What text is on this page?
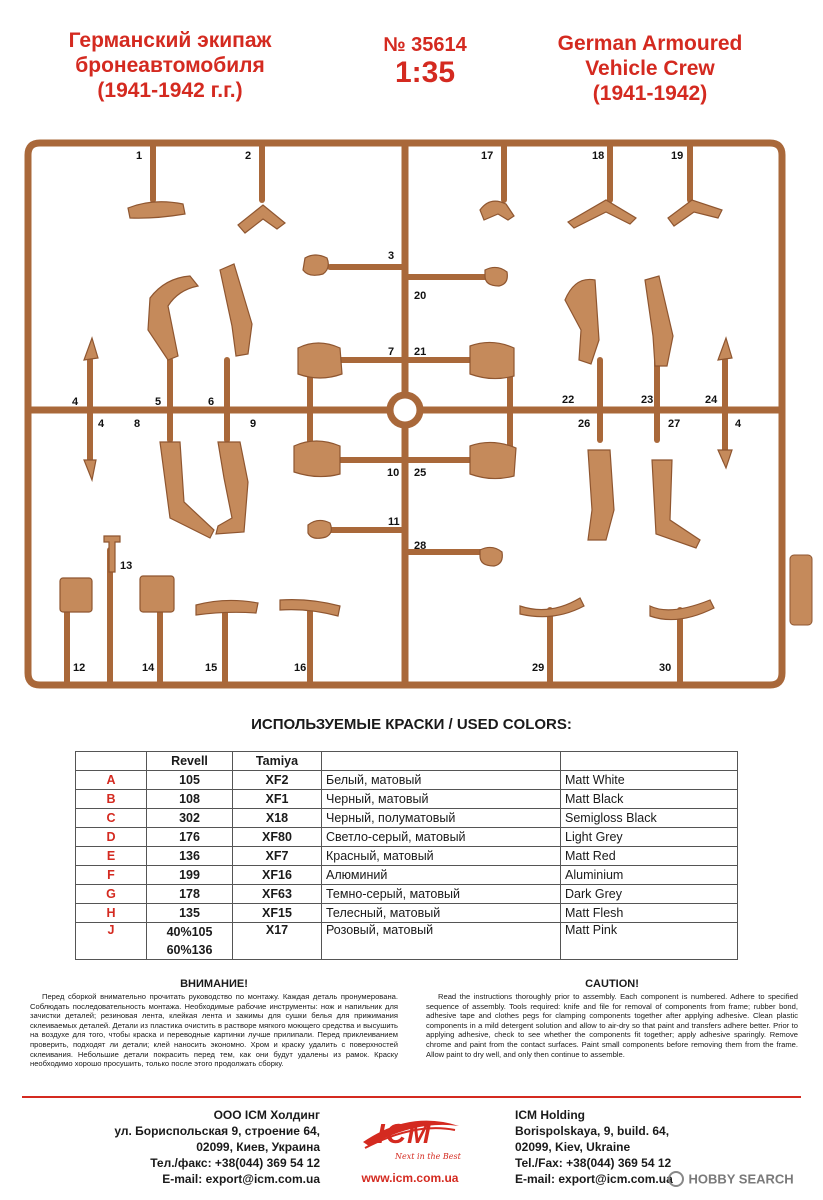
Германский экипаж
бронеавтомобиля
(1941-1942 г.г.)
№ 35614
1:35
German Armoured
Vehicle Crew
(1941-1942)
1	2
3
4
4
5	6
7
8	9
10
11
12
13
14	15	16
17	18	19
20
21
22	23	24
4
25
26	27
28
29	30
ИСПОЛЬЗУЕМЫЕ КРАСКИ / USED COLORS:
	Revell	Tamiya		
A	105	XF2	Белый, матовый	Matt White
B	108	XF1	Черный, матовый	Matt Black
C	302	X18	Черный, полуматовый	Semigloss Black
D	176	XF80	Светло-серый, матовый	Light Grey
E	136	XF7	Красный, матовый	Matt Red
F	199	XF16	Алюминий	Aluminium
G	178	XF63	Темно-серый, матовый	Dark Grey
H	135	XF15	Телесный, матовый	Matt Flesh
J	40%105
60%136	X17	Розовый, матовый	Matt Pink
ВНИМАНИЕ!
Перед сборкой внимательно прочитать руководство по монтажу. Каждая деталь пронумерована. Соблюдать последовательность монтажа. Необходимые рабочие инструменты: нож и напильник для зачистки деталей; резиновая лента, клейкая лента и зажимы для сушки белья для прижимания склеиваемых деталей. Детали из пластика очистить в растворе мягкого моющего средства и высушить на воздухе для того, чтобы краска и переводные картинки лучше прилипали. Перед приклеиванием проверить, подходят ли детали; клей наносить экономно. Хром и краску удалить с поверхностей склеивания. Небольшие детали покрасить перед тем, как они будут удалены из рамок. Краску необходимо хорошо просушить, только после этого продолжать сборку.
CAUTION!
Read the instructions thoroughly prior to assembly. Each component is numbered. Adhere to specified sequence of assembly. Tools required: knife and file for removal of components from frame; rubber bond, adhesive tape and clothes pegs for clamping components together after applying adhesive. Clean plastic components in a mild detergent solution and allow to air-dry so that paint and transfers adhere better. Prior to applying adhesive, check to see whether the components fit together; apply adhesive sparingly. Remove chrome and paint from the contact surfaces. Paint small components before removing them from the frame. Allow paint to dry well, and only then continue to assemble.
ООО ICM Холдинг
ул. Бориспольская 9, строение 64,
02099, Киев, Украина
Тел./факс: +38(044) 369 54 12
E-mail: export@icm.com.ua
ICM
Next in the Best
www.icm.com.ua
ICM Holding
Borispolskaya, 9, build. 64,
02099, Kiev, Ukraine
Tel./Fax: +38(044) 369 54 12
E-mail: export@icm.com.ua	HOBBY SEARCH
